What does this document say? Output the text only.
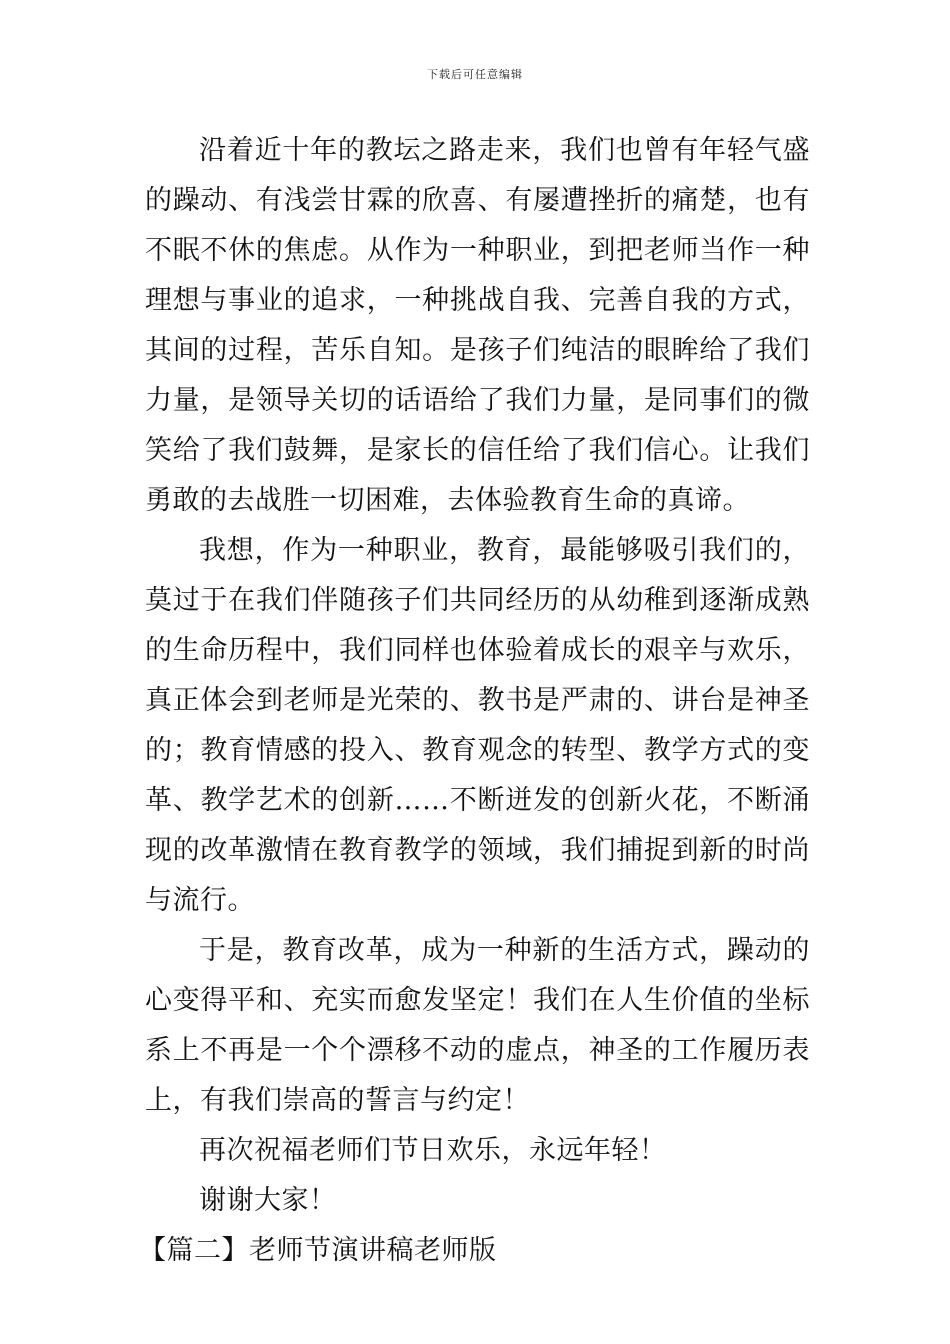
下载后可任意编辑

沿着近十年的教坛之路走来，我们也曾有年轻气盛的躁动、有浅尝甘霖的欣喜、有屡遭挫折的痛楚，也有不眠不休的焦虑。从作为一种职业，到把老师当作一种理想与事业的追求，一种挑战自我、完善自我的方式，其间的过程，苦乐自知。是孩子们纯洁的眼眸给了我们力量，是领导关切的话语给了我们力量，是同事们的微笑给了我们鼓舞，是家长的信任给了我们信心。让我们勇敢的去战胜一切困难，去体验教育生命的真谛。

我想，作为一种职业，教育，最能够吸引我们的，莫过于在我们伴随孩子们共同经历的从幼稚到逐渐成熟的生命历程中，我们同样也体验着成长的艰辛与欢乐，真正体会到老师是光荣的、教书是严肃的、讲台是神圣的；教育情感的投入、教育观念的转型、教学方式的变革、教学艺术的创新……不断迸发的创新火花，不断涌现的改革激情在教育教学的领域，我们捕捉到新的时尚与流行。

于是，教育改革，成为一种新的生活方式，躁动的心变得平和、充实而愈发坚定！我们在人生价值的坐标系上不再是一个个漂移不动的虚点，神圣的工作履历表上，有我们崇高的誓言与约定！

再次祝福老师们节日欢乐，永远年轻！

谢谢大家！

【篇二】老师节演讲稿老师版
